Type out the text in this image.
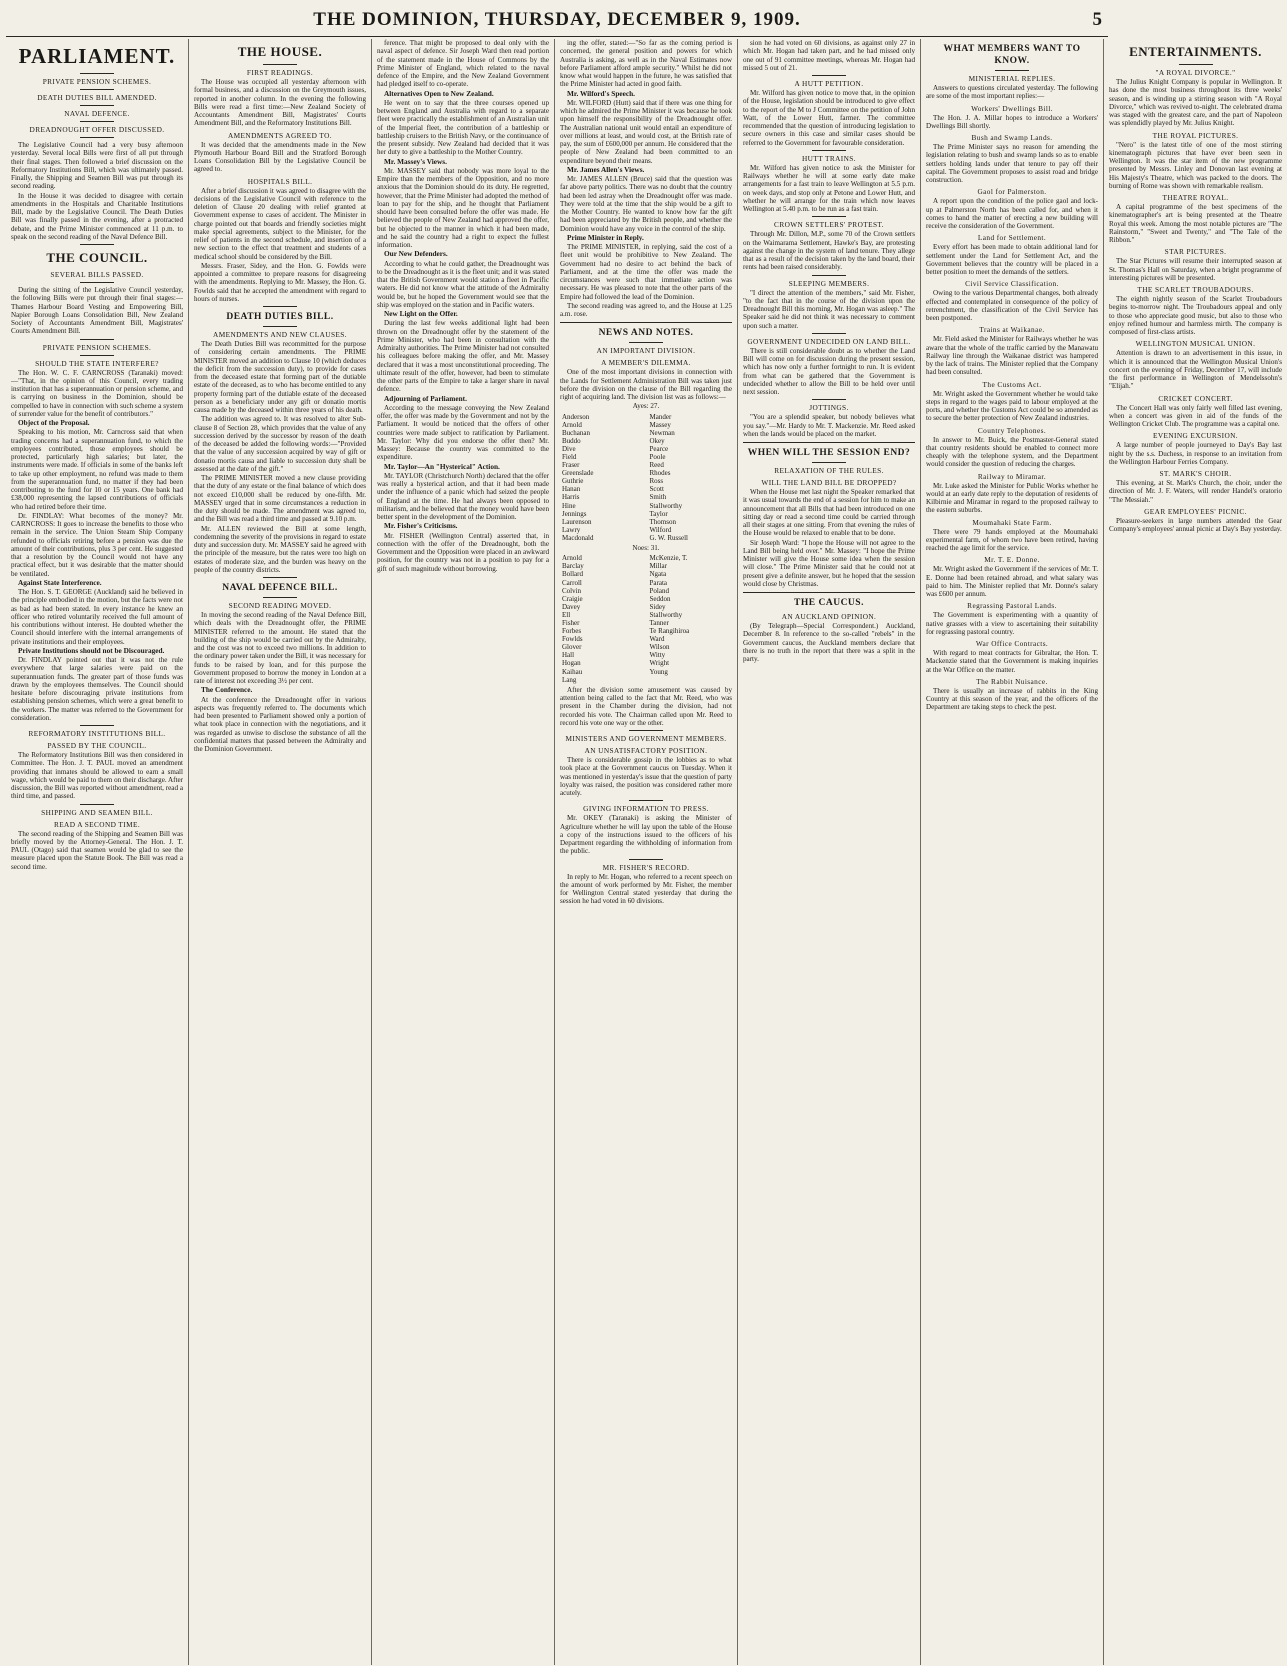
THE DOMINION, THURSDAY, DECEMBER 9, 1909.	5
PARLIAMENT.
PRIVATE PENSION SCHEMES.
DEATH DUTIES BILL AMENDED.
NAVAL DEFENCE.
DREADNOUGHT OFFER DISCUSSED.

The Legislative Council had a very busy afternoon yesterday. Several local Bills were first of all put through their final stages. Then followed a brief discussion on the Reformatory Institutions Bill, which was ultimately passed. Finally, the Shipping and Seamen Bill was put through its second reading.

In the House it was decided to disagree with certain amendments in the Hospitals and Charitable Institutions Bill, made by the Legislative Council. The Death Duties Bill was finally passed in the evening, after a protracted debate, and the Prime Minister commenced at 11 p.m. to speak on the second reading of the Naval Defence Bill.

THE COUNCIL.
SEVERAL BILLS PASSED.

During the sitting of the Legislative Council yesterday, the following Bills were put through their final stages:—Thames Harbour Board Vesting and Empowering Bill, Napier Borough Loans Consolidation Bill, New Zealand Society of Accountants Amendment Bill, Magistrates' Courts Amendment Bill.

PRIVATE PENSION SCHEMES.
SHOULD THE STATE INTERFERE?

The Hon. W. C. F. CARNCROSS (Taranaki) moved:—"That, in the opinion of this Council, every trading institution that has a superannuation or pension scheme, and is carrying on business in the Dominion, should be compelled to have in connection with such scheme a system of surrender value for the benefit of contributors."

Object of the Proposal.

Speaking to his motion, Mr. Carncross said that when trading concerns had a superannuation fund, to which the employees contributed, those employees should be protected, particularly high salaries; but later, the instruments were made. If officials in some of the banks left to take up other employment, no refund was made to them from the superannuation fund, no matter if they had been contributing to the fund for 10 or 15 years. One bank had £38,000 representing the lapsed contributions of officials who had retired before their time.

Dr. FINDLAY: What becomes of the money? Mr. CARNCROSS: It goes to increase the benefits to those who remain in the service. The Union Steam Ship Company refunded to officials retiring before a pension was due the amount of their contributions, plus 3 per cent. He suggested that a resolution by the Council would not have any practical effect, but it was desirable that the matter should be ventilated.

Against State Interference.

The Hon. S. T. GEORGE (Auckland) said he believed in the principle embodied in the motion, but the facts were not as bad as had been stated. In every instance he knew an officer who retired voluntarily received the full amount of his contributions without interest. He doubted whether the Council should interfere with the internal arrangements of private institutions and their employees.

Private Institutions should not be Discouraged.

Dr. FINDLAY pointed out that it was not the rule everywhere that large salaries were paid on the superannuation funds. The greater part of those funds was drawn by the employees themselves. The Council should hesitate before discouraging private institutions from establishing pension schemes, which were a great benefit to the workers. The matter was referred to the Government for consideration.

REFORMATORY INSTITUTIONS BILL.
PASSED BY THE COUNCIL.

The Reformatory Institutions Bill was then considered in Committee. The Hon. J. T. PAUL moved an amendment providing that inmates should be allowed to earn a small wage, which would be paid to them on their discharge. After discussion, the Bill was reported without amendment, read a third time, and passed.

SHIPPING AND SEAMEN BILL.
READ A SECOND TIME.

The second reading of the Shipping and Seamen Bill was briefly moved by the Attorney-General. The Hon. J. T. PAUL (Otago) said that seamen would be glad to see the measure placed upon the Statute Book. The Bill was read a second time.

THE HOUSE.
FIRST READINGS.

The House was occupied all yesterday afternoon with formal business, and a discussion on the Greymouth issues, reported in another column. In the evening the following Bills were read a first time:—New Zealand Society of Accountants Amendment Bill, Magistrates' Courts Amendment Bill, and the Reformatory Institutions Bill.

AMENDMENTS AGREED TO.

It was decided that the amendments made in the New Plymouth Harbour Board Bill and the Stratford Borough Loans Consolidation Bill by the Legislative Council be agreed to.

HOSPITALS BILL.

After a brief discussion it was agreed to disagree with the decisions of the Legislative Council with reference to the deletion of Clause 20 dealing with relief granted at Government expense to cases of accident. The Minister in charge pointed out that boards and friendly societies might make special agreements, subject to the Minister, for the relief of patients in the second schedule, and insertion of a new section to the effect that treatment and students of a medical school should be considered by the Bill.

Messrs. Fraser, Sidey, and the Hon. G. Fowlds were appointed a committee to prepare reasons for disagreeing with the amendments. Replying to Mr. Massey, the Hon. G. Fowlds said that he accepted the amendment with regard to hours of nurses.

DEATH DUTIES BILL.
AMENDMENTS AND NEW CLAUSES.

The Death Duties Bill was recommitted for the purpose of considering certain amendments. The PRIME MINISTER moved an addition to Clause 10 (which deduces the deficit from the succession duty), to provide for cases from the deceased estate that forming part of the dutiable estate of the deceased, as to who has become entitled to any property forming part of the dutiable estate of the deceased person as a beneficiary under any gift or donatio mortis causa made by the deceased within three years of his death.

The addition was agreed to. It was resolved to alter Sub-clause 8 of Section 28, which provides that the value of any succession derived by the successor by reason of the death of the deceased be added the following words:—"Provided that the value of any succession acquired by way of gift or donatio mortis causa and liable to succession duty shall be assessed at the date of the gift."

The PRIME MINISTER moved a new clause providing that the duty of any estate or the final balance of which does not exceed £10,000 shall be reduced by one-fifth. Mr. MASSEY urged that in some circumstances a reduction in the duty should be made. The amendment was agreed to, and the Bill was read a third time and passed at 9.10 p.m.

Mr. ALLEN reviewed the Bill at some length, condemning the severity of the provisions in regard to estate duty and succession duty. Mr. MASSEY said he agreed with the principle of the measure, but the rates were too high on estates of moderate size, and the burden was heavy on the people of the country districts.

NAVAL DEFENCE BILL.
SECOND READING MOVED.

In moving the second reading of the Naval Defence Bill, which deals with the Dreadnought offer, the PRIME MINISTER referred to the amount. He stated that the building of the ship would be carried out by the Admiralty, and the cost was not to exceed two millions. In addition to the ordinary power taken under the Bill, it was necessary for funds to be raised by loan, and for this purpose the Government proposed to borrow the money in London at a rate of interest not exceeding 3½ per cent.

The Conference.

At the conference the Dreadnought offer in various aspects was frequently referred to. The documents which had been presented to Parliament showed only a portion of what took place in connection with the negotiations, and it was regarded as unwise to disclose the substance of all the confidential matters that passed between the Admiralty and the Dominion Government.

ference. That might be proposed to deal only with the naval aspect of defence. Sir Joseph Ward then read portion of the statement made in the House of Commons by the Prime Minister of England, which related to the naval defence of the Empire, and the New Zealand Government had pledged itself to co-operate.

Alternatives Open to New Zealand.

He went on to say that the three courses opened up between England and Australia with regard to a separate fleet were practically the establishment of an Australian unit of the Imperial fleet, the contribution of a battleship or battleship cruisers to the British Navy, or the continuance of the present subsidy. New Zealand had decided that it was her duty to give a battleship to the Mother Country.

Mr. Massey's Views.

Mr. MASSEY said that nobody was more loyal to the Empire than the members of the Opposition, and no more anxious that the Dominion should do its duty. He regretted, however, that the Prime Minister had adopted the method of loan to pay for the ship, and he thought that Parliament should have been consulted before the offer was made. He believed the people of New Zealand had approved the offer, but he objected to the manner in which it had been made, and he said the country had a right to expect the fullest information.

Our New Defenders.

According to what he could gather, the Dreadnought was to be the Dreadnought as it is the fleet unit; and it was stated that the British Government would station a fleet in Pacific waters. He did not know what the attitude of the Admiralty would be, but he hoped the Government would see that the ship was employed on the station and in Pacific waters.

New Light on the Offer.

During the last few weeks additional light had been thrown on the Dreadnought offer by the statement of the Prime Minister, who had been in consultation with the Admiralty authorities. The Prime Minister had not consulted his colleagues before making the offer, and Mr. Massey declared that it was a most unconstitutional proceeding. The ultimate result of the offer, however, had been to stimulate the other parts of the Empire to take a larger share in naval defence.

Adjourning of Parliament.

According to the message conveying the New Zealand offer, the offer was made by the Government and not by the Parliament. It would be noticed that the offers of other countries were made subject to ratification by Parliament. Mr. Taylor: Why did you endorse the offer then? Mr. Massey: Because the country was committed to the expenditure.

Mr. Taylor—An "Hysterical" Action.

Mr. TAYLOR (Christchurch North) declared that the offer was really a hysterical action, and that it had been made under the influence of a panic which had seized the people of England at the time. He had always been opposed to militarism, and he believed that the money would have been better spent in the development of the Dominion.

Mr. Fisher's Criticisms.

Mr. FISHER (Wellington Central) asserted that, in connection with the offer of the Dreadnought, both the Government and the Opposition were placed in an awkward position, for the country was not in a position to pay for a gift of such magnitude without borrowing.

ing the offer, stated:—"So far as the coming period is concerned, the general position and powers for which Australia is asking, as well as in the Naval Estimates now before Parliament afford ample security." Whilst he did not know what would happen in the future, he was satisfied that the Prime Minister had acted in good faith.

Mr. Wilford's Speech.

Mr. WILFORD (Hutt) said that if there was one thing for which he admired the Prime Minister it was because he took upon himself the responsibility of the Dreadnought offer. The Australian national unit would entail an expenditure of over millions at least, and would cost, at the British rate of pay, the sum of £600,000 per annum. He considered that the people of New Zealand had been committed to an expenditure beyond their means.

Mr. James Allen's Views.

Mr. JAMES ALLEN (Bruce) said that the question was far above party politics. There was no doubt that the country had been led astray when the Dreadnought offer was made. They were told at the time that the ship would be a gift to the Mother Country. He wanted to know how far the gift had been appreciated by the British people, and whether the Dominion would have any voice in the control of the ship.

Prime Minister in Reply.

The PRIME MINISTER, in replying, said the cost of a fleet unit would be prohibitive to New Zealand. The Government had no desire to act behind the back of Parliament, and at the time the offer was made the circumstances were such that immediate action was necessary. He was pleased to note that the other parts of the Empire had followed the lead of the Dominion.

The second reading was agreed to, and the House at 1.25 a.m. rose.

NEWS AND NOTES.
AN IMPORTANT DIVISION.
A MEMBER'S DILEMMA.

One of the most important divisions in connection with the Lands for Settlement Administration Bill was taken just before the division on the clause of the Bill regarding the right of acquiring land. The division list was as follows:—

Ayes: 27.
Anderson
Arnold
Buchanan
Buddo
Dive
Field
Fraser
Greenslade
Guthrie
Hanan
Harris
Hine
Jennings
Laurenson
Lawry
Macdonald
Mander
Massey
Newman
Okey
Pearce
Poole
Reed
Rhodes
Ross
Scott
Smith
Stallworthy
Taylor
Thomson
Wilford
G. W. Russell
Noes: 31.
Arnold
Barclay
Bollard
Carroll
Colvin
Craigie
Davey
Ell
Fisher
Forbes
Fowlds
Glover
Hall
Hogan
Kaihau
Lang
McKenzie, T.
Millar
Ngata
Parata
Poland
Seddon
Sidey
Stallworthy
Tanner
Te Rangihiroa
Ward
Wilson
Witty
Wright
Young

After the division some amusement was caused by attention being called to the fact that Mr. Reed, who was present in the Chamber during the division, had not recorded his vote. The Chairman called upon Mr. Reed to record his vote one way or the other.

MINISTERS AND GOVERNMENT MEMBERS.
AN UNSATISFACTORY POSITION.

There is considerable gossip in the lobbies as to what took place at the Government caucus on Tuesday. When it was mentioned in yesterday's issue that the question of party loyalty was raised, the position was considered rather more acutely.

GIVING INFORMATION TO PRESS.

Mr. OKEY (Taranaki) is asking the Minister of Agriculture whether he will lay upon the table of the House a copy of the instructions issued to the officers of his Department regarding the withholding of information from the public.

MR. FISHER'S RECORD.

In reply to Mr. Hogan, who referred to a recent speech on the amount of work performed by Mr. Fisher, the member for Wellington Central stated yesterday that during the session he had voted in 60 divisions.

sion he had voted on 60 divisions, as against only 27 in which Mr. Hogan had taken part, and he had missed only one out of 91 committee meetings, whereas Mr. Hogan had missed 5 out of 21.

A HUTT PETITION.

Mr. Wilford has given notice to move that, in the opinion of the House, legislation should be introduced to give effect to the report of the M to J Committee on the petition of John Watt, of the Lower Hutt, farmer. The committee recommended that the question of introducing legislation to secure owners in this case and similar cases should be referred to the Government for favourable consideration.

HUTT TRAINS.

Mr. Wilford has given notice to ask the Minister for Railways whether he will at some early date make arrangements for a fast train to leave Wellington at 5.5 p.m. on week days, and stop only at Petone and Lower Hutt, and whether he will arrange for the train which now leaves Wellington at 5.40 p.m. to be run as a fast train.

CROWN SETTLERS' PROTEST.

Through Mr. Dillon, M.P., some 70 of the Crown settlers on the Waimarama Settlement, Hawke's Bay, are protesting against the change in the system of land tenure. They allege that as a result of the decision taken by the land board, their rents had been raised considerably.

SLEEPING MEMBERS.

"I direct the attention of the members," said Mr. Fisher, "to the fact that in the course of the division upon the Dreadnought Bill this morning, Mr. Hogan was asleep." The Speaker said he did not think it was necessary to comment upon such a matter.

GOVERNMENT UNDECIDED ON LAND BILL.

There is still considerable doubt as to whether the Land Bill will come on for discussion during the present session, which has now only a further fortnight to run. It is evident from what can be gathered that the Government is undecided whether to allow the Bill to be held over until next session.

JOTTINGS.

"You are a splendid speaker, but nobody believes what you say."—Mr. Hardy to Mr. T. Mackenzie. Mr. Reed asked when the lands would be placed on the market.

WHEN WILL THE SESSION END?
RELAXATION OF THE RULES.
WILL THE LAND BILL BE DROPPED?

When the House met last night the Speaker remarked that it was usual towards the end of a session for him to make an announcement that all Bills that had been introduced on one sitting day or read a second time could be carried through all their stages at one sitting. From that evening the rules of the House would be relaxed to enable that to be done.

Sir Joseph Ward: "I hope the House will not agree to the Land Bill being held over." Mr. Massey: "I hope the Prime Minister will give the House some idea when the session will close." The Prime Minister said that he could not at present give a definite answer, but he hoped that the session would close by Christmas.

THE CAUCUS.
AN AUCKLAND OPINION.

(By Telegraph—Special Correspondent.) Auckland, December 8. In reference to the so-called "rebels" in the Government caucus, the Auckland members declare that there is no truth in the report that there was a split in the party.

WHAT MEMBERS WANT TO KNOW.
MINISTERIAL REPLIES.

Answers to questions circulated yesterday. The following are some of the most important replies:—

Workers' Dwellings Bill.

The Hon. J. A. Millar hopes to introduce a Workers' Dwellings Bill shortly.

Bush and Swamp Lands.

The Prime Minister says no reason for amending the legislation relating to bush and swamp lands so as to enable settlers holding lands under that tenure to pay off their capital. The Government proposes to assist road and bridge construction.

Gaol for Palmerston.

A report upon the condition of the police gaol and lock-up at Palmerston North has been called for, and when it comes to hand the matter of erecting a new building will receive the consideration of the Government.

Land for Settlement.

Every effort has been made to obtain additional land for settlement under the Land for Settlement Act, and the Government believes that the country will be placed in a better position to meet the demands of the settlers.

Civil Service Classification.

Owing to the various Departmental changes, both already effected and contemplated in consequence of the policy of retrenchment, the classification of the Civil Service has been postponed.

Trains at Waikanae.

Mr. Field asked the Minister for Railways whether he was aware that the whole of the traffic carried by the Manawatu Railway line through the Waikanae district was hampered by the lack of trains. The Minister replied that the Company had been consulted.

The Customs Act.

Mr. Wright asked the Government whether he would take steps in regard to the wages paid to labour employed at the ports, and whether the Customs Act could be so amended as to secure the better protection of New Zealand industries.

Country Telephones.

In answer to Mr. Buick, the Postmaster-General stated that country residents should be enabled to connect more cheaply with the telephone system, and the Department would consider the question of reducing the charges.

Railway to Miramar.

Mr. Luke asked the Minister for Public Works whether he would at an early date reply to the deputation of residents of Kilbirnie and Miramar in regard to the proposed railway to the eastern suburbs.

Moumahaki State Farm.

There were 79 hands employed at the Moumahaki experimental farm, of whom two have been retired, having reached the age limit for the service.

Mr. T. E. Donne.

Mr. Wright asked the Government if the services of Mr. T. E. Donne had been retained abroad, and what salary was paid to him. The Minister replied that Mr. Donne's salary was £600 per annum.

Regrassing Pastoral Lands.

The Government is experimenting with a quantity of native grasses with a view to ascertaining their suitability for regrassing pastoral country.

War Office Contracts.

With regard to meat contracts for Gibraltar, the Hon. T. Mackenzie stated that the Government is making inquiries at the War Office on the matter.

The Rabbit Nuisance.

There is usually an increase of rabbits in the King Country at this season of the year, and the officers of the Department are taking steps to check the pest.

ENTERTAINMENTS.
"A ROYAL DIVORCE."

The Julius Knight Company is popular in Wellington. It has done the most business throughout its three weeks' season, and is winding up a stirring season with "A Royal Divorce," which was revived to-night. The celebrated drama was staged with the greatest care, and the part of Napoleon was splendidly played by Mr. Julius Knight.

THE ROYAL PICTURES.

"Nero" is the latest title of one of the most stirring kinematograph pictures that have ever been seen in Wellington. It was the star item of the new programme presented by Messrs. Linley and Donovan last evening at His Majesty's Theatre, which was packed to the doors. The burning of Rome was shown with remarkable realism.

THEATRE ROYAL.

A capital programme of the best specimens of the kinematographer's art is being presented at the Theatre Royal this week. Among the most notable pictures are "The Rainstorm," "Sweet and Twenty," and "The Tale of the Ribbon."

STAR PICTURES.

The Star Pictures will resume their interrupted season at St. Thomas's Hall on Saturday, when a bright programme of interesting pictures will be presented.

THE SCARLET TROUBADOURS.

The eighth nightly season of the Scarlet Troubadours begins to-morrow night. The Troubadours appeal and only to those who appreciate good music, but also to those who enjoy refined humour and harmless mirth. The company is composed of first-class artists.

WELLINGTON MUSICAL UNION.

Attention is drawn to an advertisement in this issue, in which it is announced that the Wellington Musical Union's concert on the evening of Friday, December 17, will include the first performance in Wellington of Mendelssohn's "Elijah."

CRICKET CONCERT.

The Concert Hall was only fairly well filled last evening, when a concert was given in aid of the funds of the Wellington Cricket Club. The programme was a capital one.

EVENING EXCURSION.

A large number of people journeyed to Day's Bay last night by the s.s. Duchess, in response to an invitation from the Wellington Harbour Ferries Company.

ST. MARK'S CHOIR.

This evening, at St. Mark's Church, the choir, under the direction of Mr. J. F. Waters, will render Handel's oratorio "The Messiah."

GEAR EMPLOYEES' PICNIC.

Pleasure-seekers in large numbers attended the Gear Company's employees' annual picnic at Day's Bay yesterday.
